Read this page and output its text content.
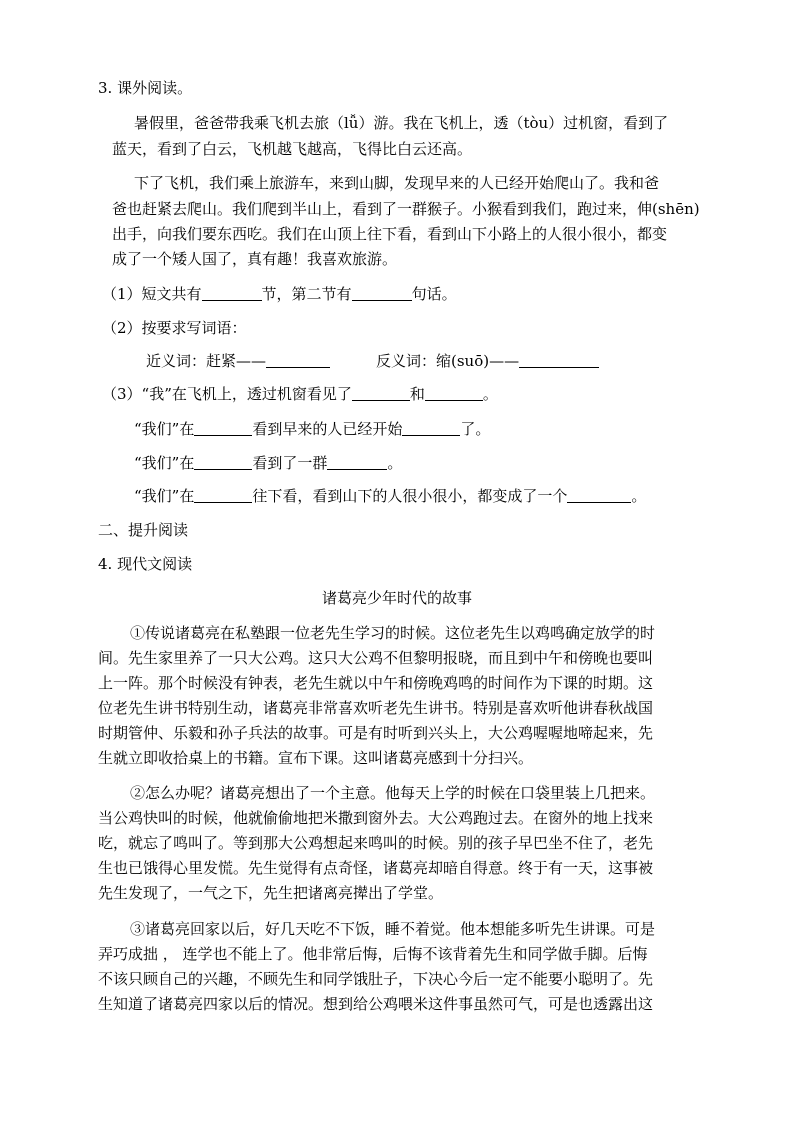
3. 课外阅读。
暑假里，爸爸带我乘飞机去旅（lǚ）游。我在飞机上，透（tòu）过机窗，看到了
蓝天，看到了白云，飞机越飞越高，飞得比白云还高。
下了飞机，我们乘上旅游车，来到山脚，发现早来的人已经开始爬山了。我和爸
爸也赶紧去爬山。我们爬到半山上，看到了一群猴子。小猴看到我们，跑过来，伸(shēn)
出手，向我们要东西吃。我们在山顶上往下看，看到山下小路上的人很小很小，都变
成了一个矮人国了，真有趣！我喜欢旅游。
（1）短文共有	节，第二节有	句话。
（2）按要求写词语：
近义词：赶紧——	反义词：缩(suō)——
（3）“我”在飞机上，透过机窗看见了	和	。
“我们”在	看到早来的人已经开始	了。
“我们”在	看到了一群	。
“我们”在	往下看，看到山下的人很小很小，都变成了一个	。
二、提升阅读
4. 现代文阅读
诸葛亮少年时代的故事
①传说诸葛亮在私塾跟一位老先生学习的时候。这位老先生以鸡鸣确定放学的时
间。先生家里养了一只大公鸡。这只大公鸡不但黎明报晓，而且到中午和傍晚也要叫
上一阵。那个时候没有钟表，老先生就以中午和傍晚鸡鸣的时间作为下课的时期。这
位老先生讲书特别生动，诸葛亮非常喜欢听老先生讲书。特别是喜欢听他讲春秋战国
时期管仲、乐毅和孙子兵法的故事。可是有时听到兴头上，大公鸡喔喔地啼起来，先
生就立即收拾桌上的书籍。宣布下课。这叫诸葛亮感到十分扫兴。
②怎么办呢？诸葛亮想出了一个主意。他每天上学的时候在口袋里装上几把来。
当公鸡快叫的时候，他就偷偷地把米撒到窗外去。大公鸡跑过去。在窗外的地上找来
吃，就忘了鸣叫了。等到那大公鸡想起来鸣叫的时候。别的孩子早巴坐不住了，老先
生也已饿得心里发慌。先生觉得有点奇怪，诸葛亮却暗自得意。终于有一天，这事被
先生发现了，一气之下，先生把诸离亮撵出了学堂。
③诸葛亮回家以后，好几天吃不下饭，睡不着觉。他本想能多听先生讲课。可是
弄巧成拙 ， 连学也不能上了。他非常后悔，后悔不该背着先生和同学做手脚。后悔
不该只顾自己的兴趣，不顾先生和同学饿肚子，下决心今后一定不能要小聪明了。先
生知道了诸葛亮四家以后的情况。想到给公鸡喂米这件事虽然可气，可是也透露出这
